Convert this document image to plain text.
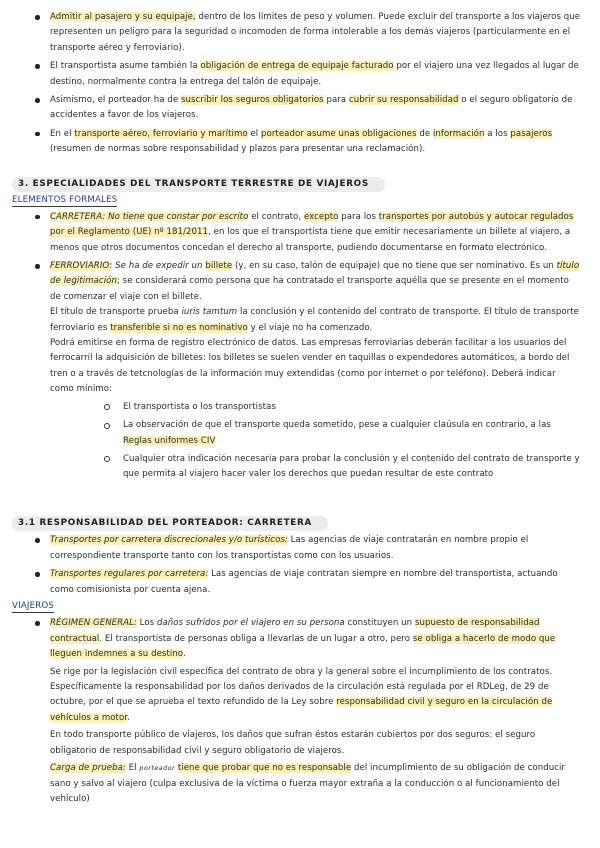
Admitir al pasajero y su equipaje, dentro de los límites de peso y volumen. Puede excluir del transporte a los viajeros que representen un peligro para la seguridad o incomoden de forma intolerable a los demás viajeros (particularmente en el transporte aéreo y ferroviario).
El transportista asume también la obligación de entrega de equipaje facturado por el viajero una vez llegados al lugar de destino, normalmente contra la entrega del talón de equipaje.
Asimismo, el porteador ha de suscribir los seguros obligatorios para cubrir su responsabilidad o el seguro obligatorio de accidentes a favor de los viajeros.
En el transporte aéreo, ferroviario y marítimo el porteador asume unas obligaciones de información a los pasajeros (resumen de normas sobre responsabilidad y plazos para presentar una reclamación).
3. ESPECIALIDADES DEL TRANSPORTE TERRESTRE DE VIAJEROS
ELEMENTOS FORMALES
CARRETERA: No tiene que constar por escrito el contrato, excepto para los transportes por autobús y autocar regulados por el Reglamento (UE) nº 181/2011, en los que el transportista tiene que emitir necesariamente un billete al viajero, a menos que otros documentos concedan el derecho al transporte, pudiendo documentarse en formato electrónico.
FERROVIARIO: Se ha de expedir un billete (y, en su caso, talón de equipaje) que no tiene que ser nominativo. Es un título de legitimación; se considerará como persona que ha contratado el transporte aquélla que se presente en el momento de comenzar el viaje con el billete.
El título de transporte prueba iuris tamtum la conclusión y el contenido del contrato de transporte. El título de transporte ferroviario es transferible si no es nominativo y el viaje no ha comenzado.
Podrá emitirse en forma de registro electrónico de datos. Las empresas ferroviarias deberán facilitar a los usuarios del ferrocarril la adquisición de billetes: los billetes se suelen vender en taquillas o expendedores automáticos, a bordo del tren o a través de tetcnologías de la información muy extendidas (como por internet o por teléfono). Deberá indicar como mínimo:
El transportista o los transportistas
La observación de que el transporte queda sometido, pese a cualquier claúsula en contrario, a las Reglas uniformes CIV
Cualquier otra indicación necesaria para probar la conclusión y el contenido del contrato de transporte y que permita al viajero hacer valer los derechos que puedan resultar de este contrato
3.1 RESPONSABILIDAD DEL PORTEADOR: CARRETERA
Transportes por carretera discrecionales y/o turísticos: Las agencias de viaje contratarán en nombre propio el correspondiente transporte tanto con los transportistas como con los usuarios.
Transportes regulares por carretera: Las agencias de viaje contratan siempre en nombre del transportista, actuando como comisionista por cuenta ajena.
VIAJEROS
RÉGIMEN GENERAL: Los daños sufridos por el viajero en su persona constituyen un supuesto de responsabilidad contractual. El transportista de personas obliga a llevarlas de un lugar a otro, pero se obliga a hacerlo de modo que lleguen indemnes a su destino.
Se rige por la legislación civil específica del contrato de obra y la general sobre el incumplimiento de los contratos. Específicamente la responsabilidad por los daños derivados de la circulación está regulada por el RDLeg, de 29 de octubre, por el que se aprueba el texto refundido de la Ley sobre responsabilidad civil y seguro en la circulación de vehículos a motor.
En todo transporte público de viajeros, los daños que sufran éstos estarán cubiertos por dos seguros: el seguro obligatorio de responsabilidad civil y seguro obligatorio de viajeros.
Carga de prueba: El porteador tiene que probar que no es responsable del incumplimiento de su obligación de conducir sano y salvo al viajero (culpa exclusiva de la víctima o fuerza mayor extraña a la conducción o al funcionamiento del vehículo)
